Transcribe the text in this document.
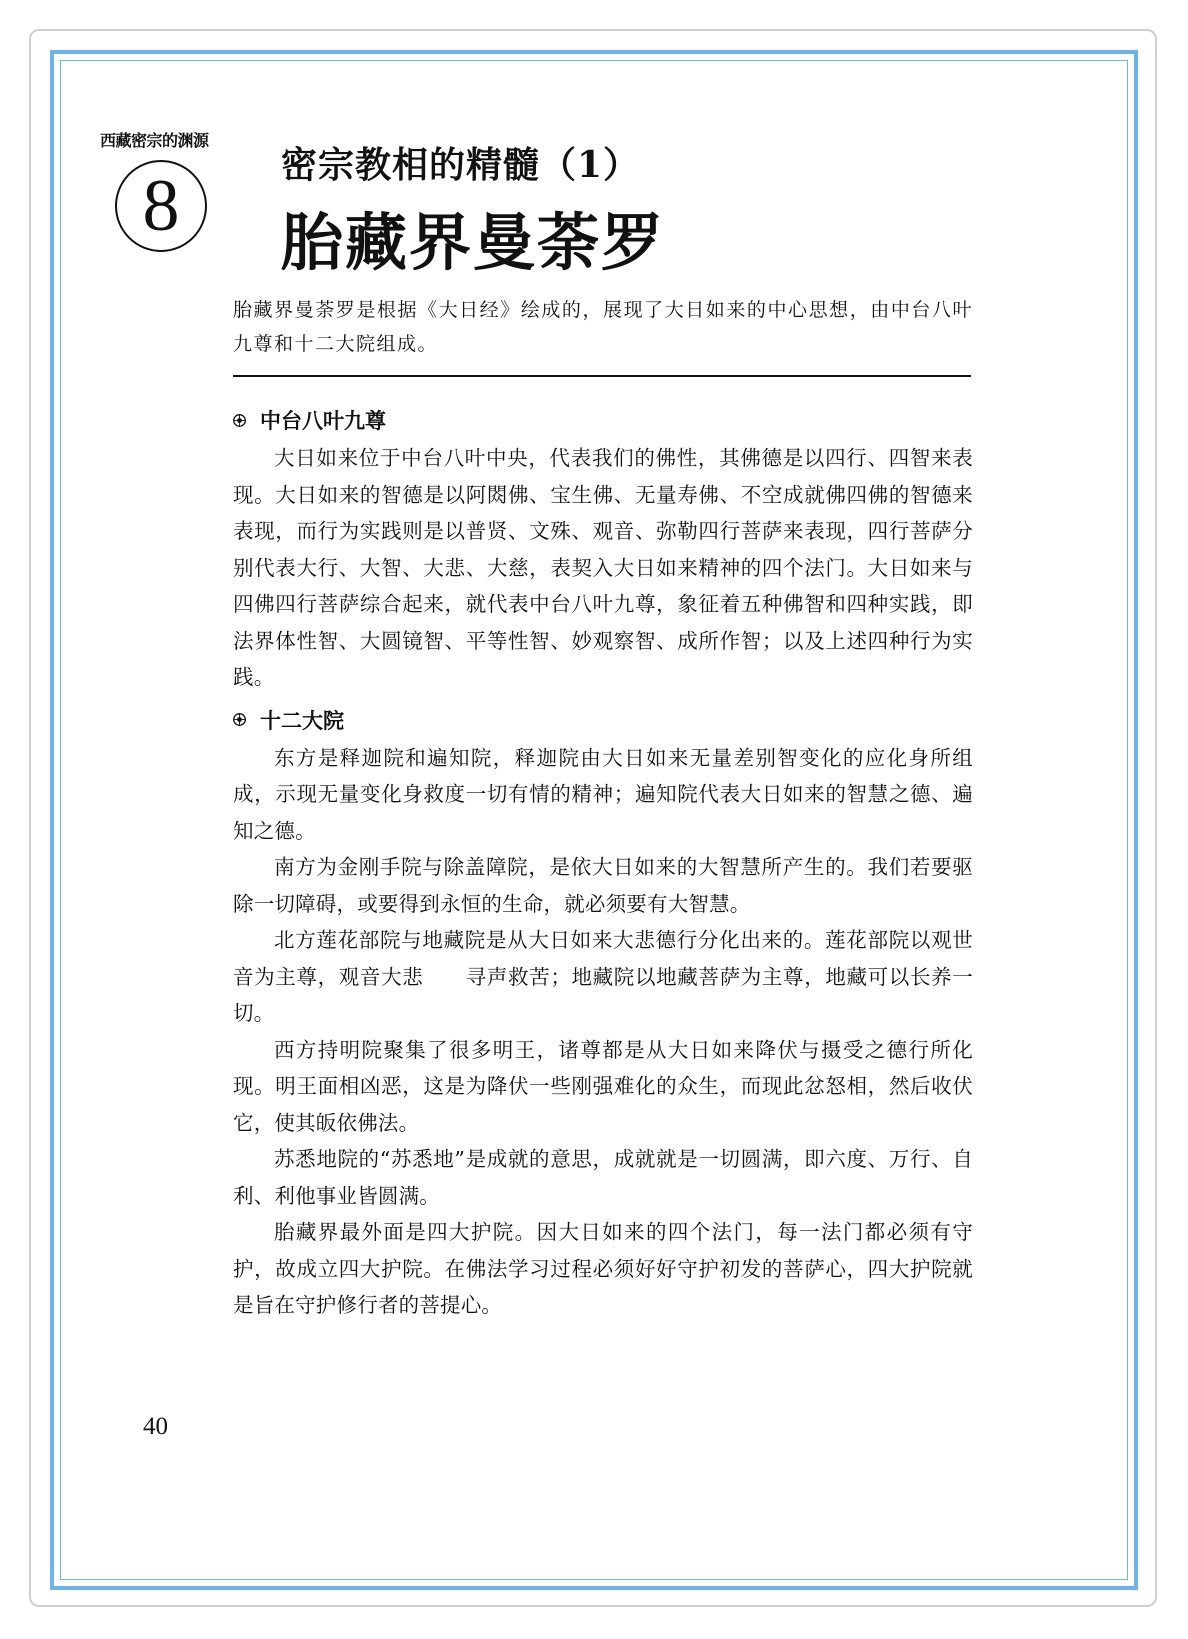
西藏密宗的渊源
8	密宗教相的精髓（1）
胎藏界曼荼罗
胎藏界曼荼罗是根据《大日经》绘成的，展现了大日如来的中心思想，由中台八叶九尊和十二大院组成。
中台八叶九尊

大日如来位于中台八叶中央，代表我们的佛性，其佛德是以四行、四智来表现。大日如来的智德是以阿閦佛、宝生佛、无量寿佛、不空成就佛四佛的智德来表现，而行为实践则是以普贤、文殊、观音、弥勒四行菩萨来表现，四行菩萨分别代表大行、大智、大悲、大慈，表契入大日如来精神的四个法门。大日如来与四佛四行菩萨综合起来，就代表中台八叶九尊，象征着五种佛智和四种实践，即法界体性智、大圆镜智、平等性智、妙观察智、成所作智；以及上述四种行为实践。

十二大院

东方是释迦院和遍知院，释迦院由大日如来无量差别智变化的应化身所组成，示现无量变化身救度一切有情的精神；遍知院代表大日如来的智慧之德、遍知之德。

南方为金刚手院与除盖障院，是依大日如来的大智慧所产生的。我们若要驱除一切障碍，或要得到永恒的生命，就必须要有大智慧。

北方莲花部院与地藏院是从大日如来大悲德行分化出来的。莲花部院以观世音为主尊，观音大悲　　寻声救苦；地藏院以地藏菩萨为主尊，地藏可以长养一切。

西方持明院聚集了很多明王，诸尊都是从大日如来降伏与摄受之德行所化现。明王面相凶恶，这是为降伏一些刚强难化的众生，而现此忿怒相，然后收伏它，使其皈依佛法。

苏悉地院的“苏悉地”是成就的意思，成就就是一切圆满，即六度、万行、自利、利他事业皆圆满。

胎藏界最外面是四大护院。因大日如来的四个法门，每一法门都必须有守护，故成立四大护院。在佛法学习过程必须好好守护初发的菩萨心，四大护院就是旨在守护修行者的菩提心。

40
